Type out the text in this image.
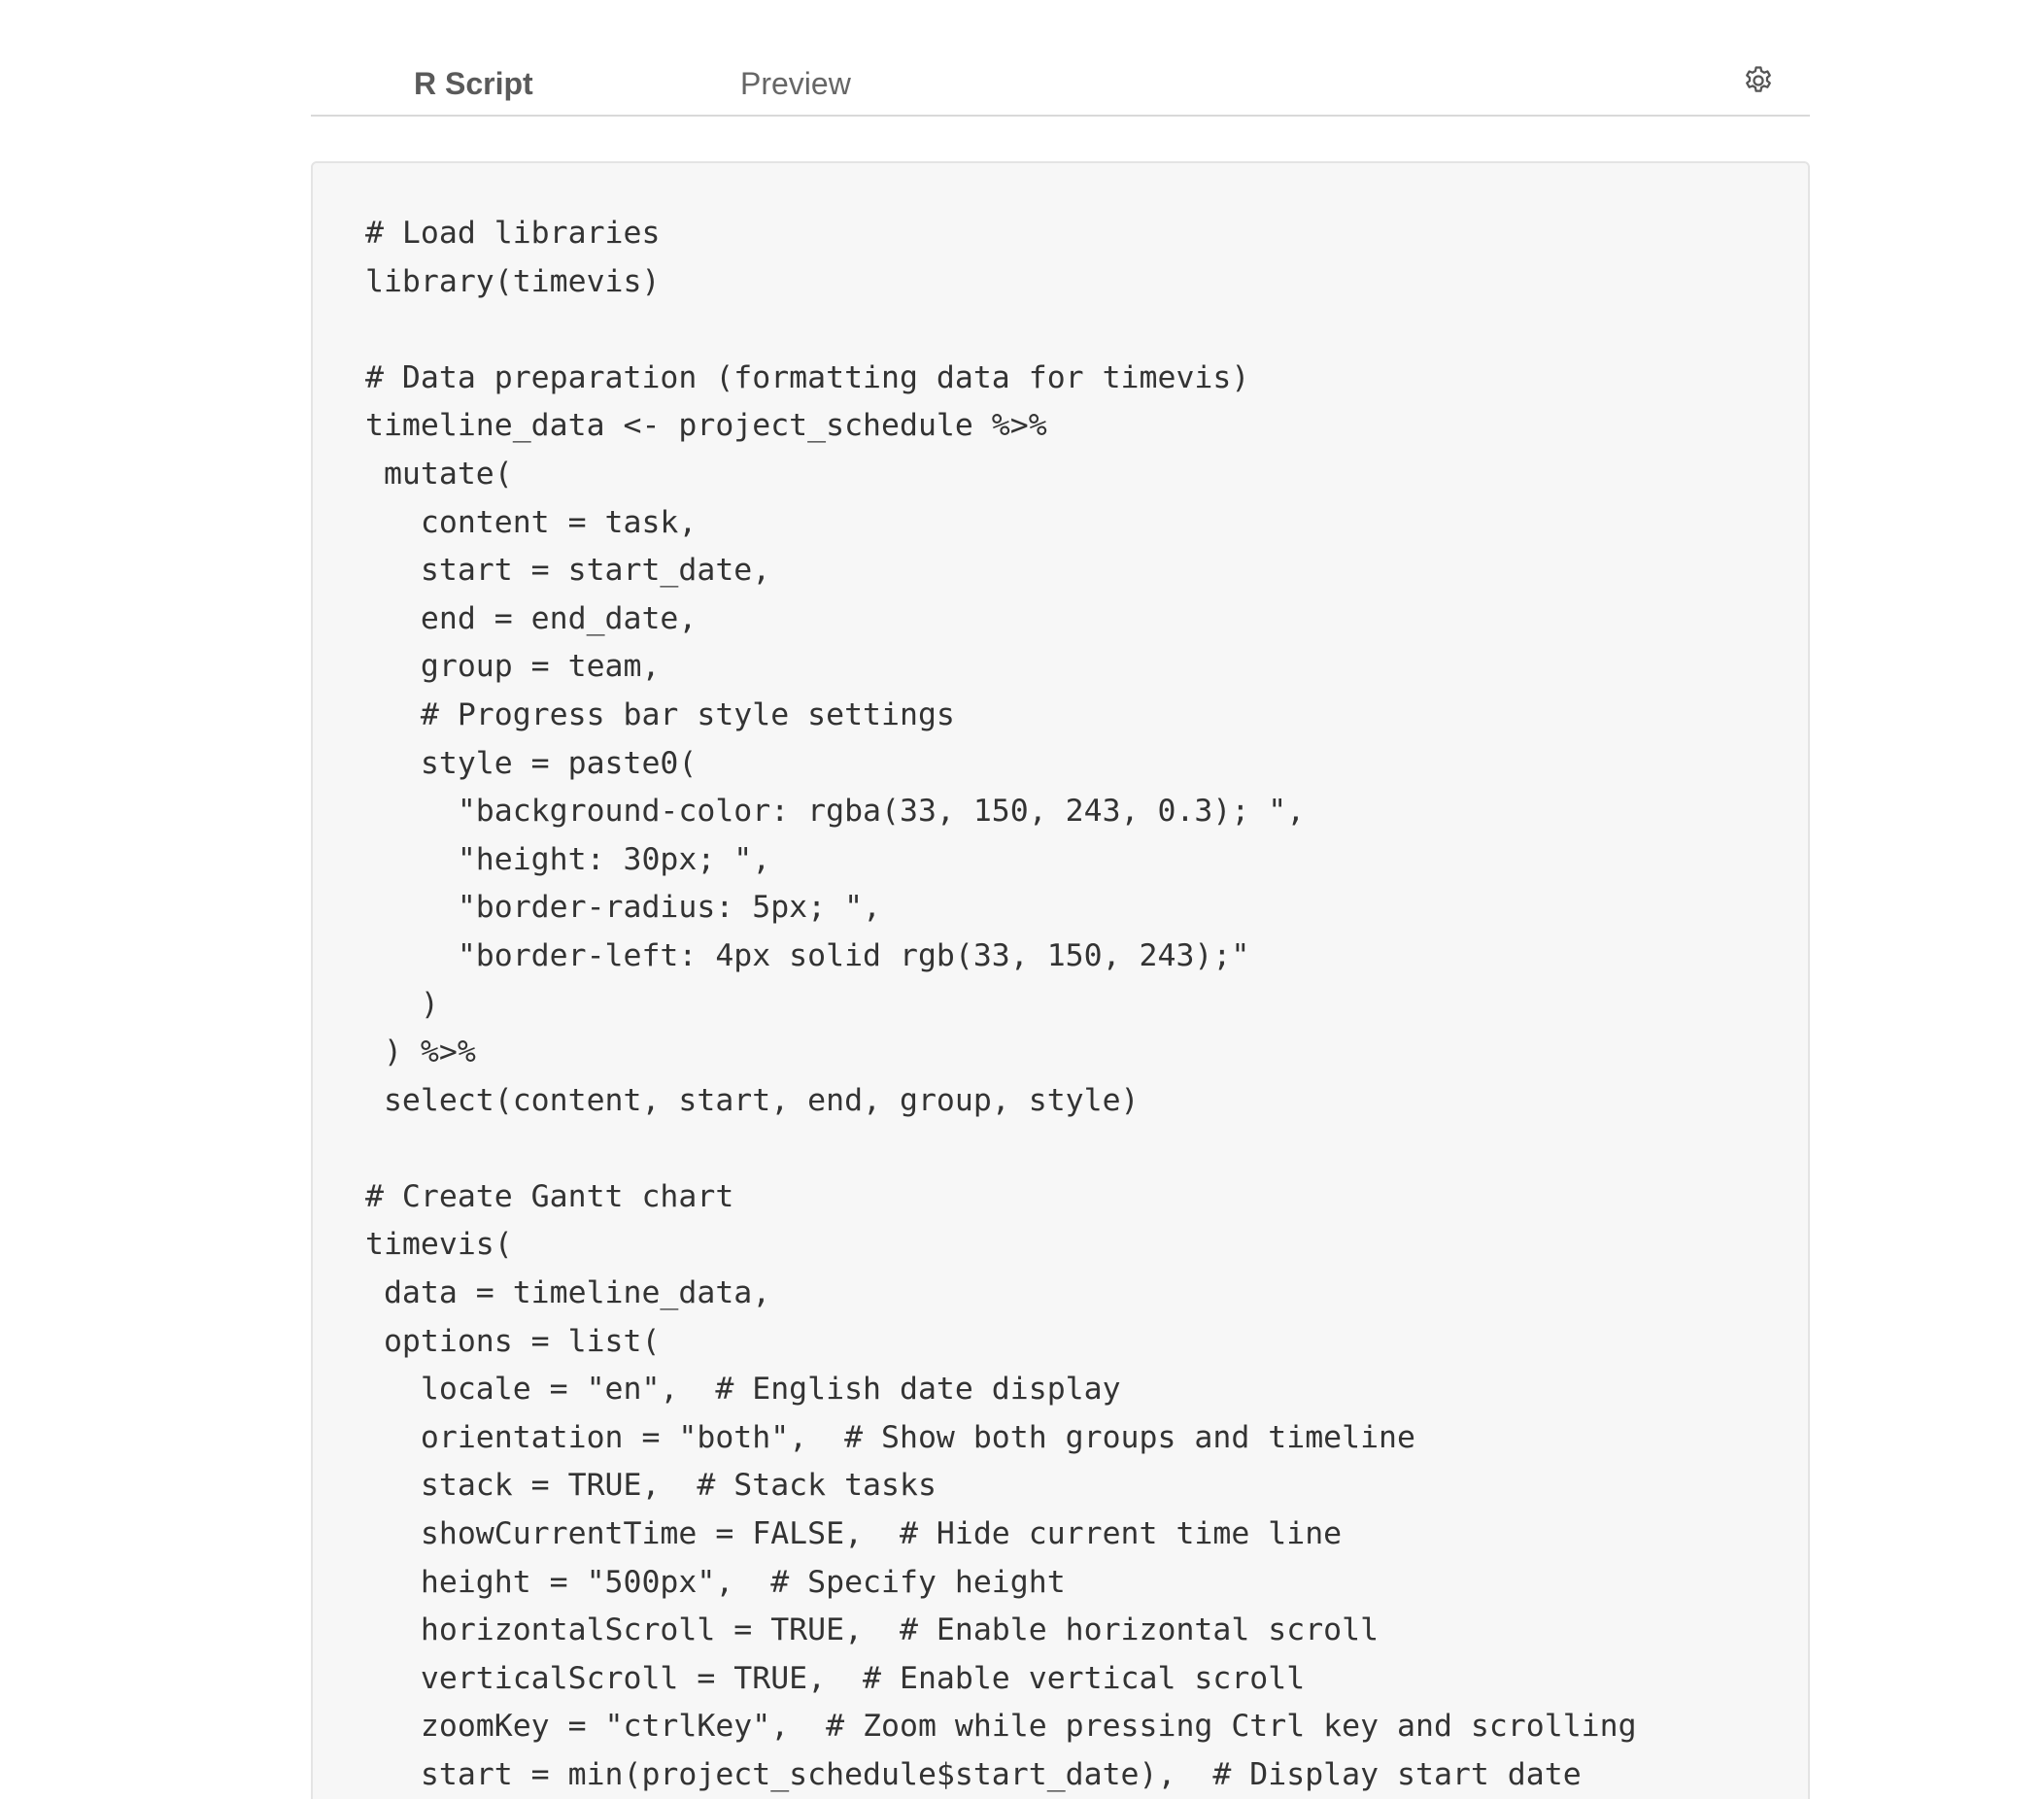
R Script	Preview
# Load libraries
library(timevis)
# Data preparation (formatting data for timevis)
timeline_data <- project_schedule %>%
mutate(
content = task,
start = start_date,
end = end_date,
group = team,
# Progress bar style settings
style = paste0(
"background-color: rgba(33, 150, 243, 0.3); ",
"height: 30px; ",
"border-radius: 5px; ",
"border-left: 4px solid rgb(33, 150, 243);"
)
) %>%
select(content, start, end, group, style)
# Create Gantt chart
timevis(
data = timeline_data,
options = list(
locale = "en",  # English date display
orientation = "both",  # Show both groups and timeline
stack = TRUE,  # Stack tasks
showCurrentTime = FALSE,  # Hide current time line
height = "500px",  # Specify height
horizontalScroll = TRUE,  # Enable horizontal scroll
verticalScroll = TRUE,  # Enable vertical scroll
zoomKey = "ctrlKey",  # Zoom while pressing Ctrl key and scrolling
start = min(project_schedule$start_date),  # Display start date
